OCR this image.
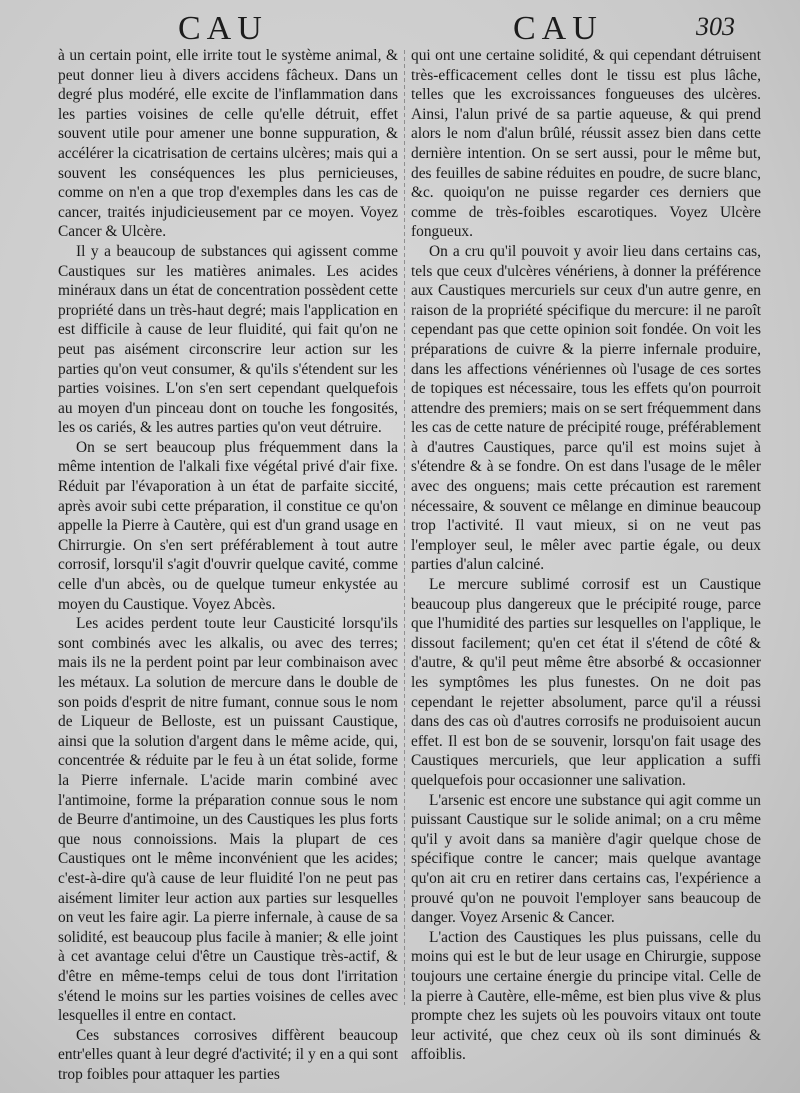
CAU	CAU	303

à un certain point, elle irrite tout le système animal, & peut donner lieu à divers accidens fâcheux. Dans un degré plus modéré, elle excite de l'inflammation dans les parties voisines de celle qu'elle détruit, effet souvent utile pour amener une bonne suppuration, & accélérer la cicatrisation de certains ulcères; mais qui a souvent les conséquences les plus pernicieuses, comme on n'en a que trop d'exemples dans les cas de cancer, traités injudicieusement par ce moyen. Voyez Cancer & Ulcère.

Il y a beaucoup de substances qui agissent comme Caustiques sur les matières animales. Les acides minéraux dans un état de concentration possèdent cette propriété dans un très-haut degré; mais l'application en est difficile à cause de leur fluidité, qui fait qu'on ne peut pas aisément circonscrire leur action sur les parties qu'on veut consumer, & qu'ils s'étendent sur les parties voisines. L'on s'en sert cependant quelquefois au moyen d'un pinceau dont on touche les fongosités, les os cariés, & les autres parties qu'on veut détruire.

On se sert beaucoup plus fréquemment dans la même intention de l'alkali fixe végétal privé d'air fixe. Réduit par l'évaporation à un état de parfaite siccité, après avoir subi cette préparation, il constitue ce qu'on appelle la Pierre à Cautère, qui est d'un grand usage en Chirrurgie. On s'en sert préférablement à tout autre corrosif, lorsqu'il s'agit d'ouvrir quelque cavité, comme celle d'un abcès, ou de quelque tumeur enkystée au moyen du Caustique. Voyez Abcès.

Les acides perdent toute leur Causticité lorsqu'ils sont combinés avec les alkalis, ou avec des terres; mais ils ne la perdent point par leur combinaison avec les métaux. La solution de mercure dans le double de son poids d'esprit de nitre fumant, connue sous le nom de Liqueur de Belloste, est un puissant Caustique, ainsi que la solution d'argent dans le même acide, qui, concentrée & réduite par le feu à un état solide, forme la Pierre infernale. L'acide marin combiné avec l'antimoine, forme la préparation connue sous le nom de Beurre d'antimoine, un des Caustiques les plus forts que nous connoissions. Mais la plupart de ces Caustiques ont le même inconvénient que les acides; c'est-à-dire qu'à cause de leur fluidité l'on ne peut pas aisément limiter leur action aux parties sur lesquelles on veut les faire agir. La pierre infernale, à cause de sa solidité, est beaucoup plus facile à manier; & elle joint à cet avantage celui d'être un Caustique très-actif, & d'être en même-temps celui de tous dont l'irritation s'étend le moins sur les parties voisines de celles avec lesquelles il entre en contact.

Ces substances corrosives diffèrent beaucoup entr'elles quant à leur degré d'activité; il y en a qui sont trop foibles pour attaquer les parties

qui ont une certaine solidité, & qui cependant détruisent très-efficacement celles dont le tissu est plus lâche, telles que les excroissances fongueuses des ulcères. Ainsi, l'alun privé de sa partie aqueuse, & qui prend alors le nom d'alun brûlé, réussit assez bien dans cette dernière intention. On se sert aussi, pour le même but, des feuilles de sabine réduites en poudre, de sucre blanc, &c. quoiqu'on ne puisse regarder ces derniers que comme de très-foibles escarotiques. Voyez Ulcère fongueux.

On a cru qu'il pouvoit y avoir lieu dans certains cas, tels que ceux d'ulcères vénériens, à donner la préférence aux Caustiques mercuriels sur ceux d'un autre genre, en raison de la propriété spécifique du mercure: il ne paroît cependant pas que cette opinion soit fondée. On voit les préparations de cuivre & la pierre infernale produire, dans les affections vénériennes où l'usage de ces sortes de topiques est nécessaire, tous les effets qu'on pourroit attendre des premiers; mais on se sert fréquemment dans les cas de cette nature de précipité rouge, préférablement à d'autres Caustiques, parce qu'il est moins sujet à s'étendre & à se fondre. On est dans l'usage de le mêler avec des onguens; mais cette précaution est rarement nécessaire, & souvent ce mêlange en diminue beaucoup trop l'activité. Il vaut mieux, si on ne veut pas l'employer seul, le mêler avec partie égale, ou deux parties d'alun calciné.

Le mercure sublimé corrosif est un Caustique beaucoup plus dangereux que le précipité rouge, parce que l'humidité des parties sur lesquelles on l'applique, le dissout facilement; qu'en cet état il s'étend de côté & d'autre, & qu'il peut même être absorbé & occasionner les symptômes les plus funestes. On ne doit pas cependant le rejetter absolument, parce qu'il a réussi dans des cas où d'autres corrosifs ne produisoient aucun effet. Il est bon de se souvenir, lorsqu'on fait usage des Caustiques mercuriels, que leur application a suffi quelquefois pour occasionner une salivation.

L'arsenic est encore une substance qui agit comme un puissant Caustique sur le solide animal; on a cru même qu'il y avoit dans sa manière d'agir quelque chose de spécifique contre le cancer; mais quelque avantage qu'on ait cru en retirer dans certains cas, l'expérience a prouvé qu'on ne pouvoit l'employer sans beaucoup de danger. Voyez Arsenic & Cancer.

L'action des Caustiques les plus puissans, celle du moins qui est le but de leur usage en Chirurgie, suppose toujours une certaine énergie du principe vital. Celle de la pierre à Cautère, elle-même, est bien plus vive & plus prompte chez les sujets où les pouvoirs vitaux ont toute leur activité, que chez ceux où ils sont diminués & affoiblis.
